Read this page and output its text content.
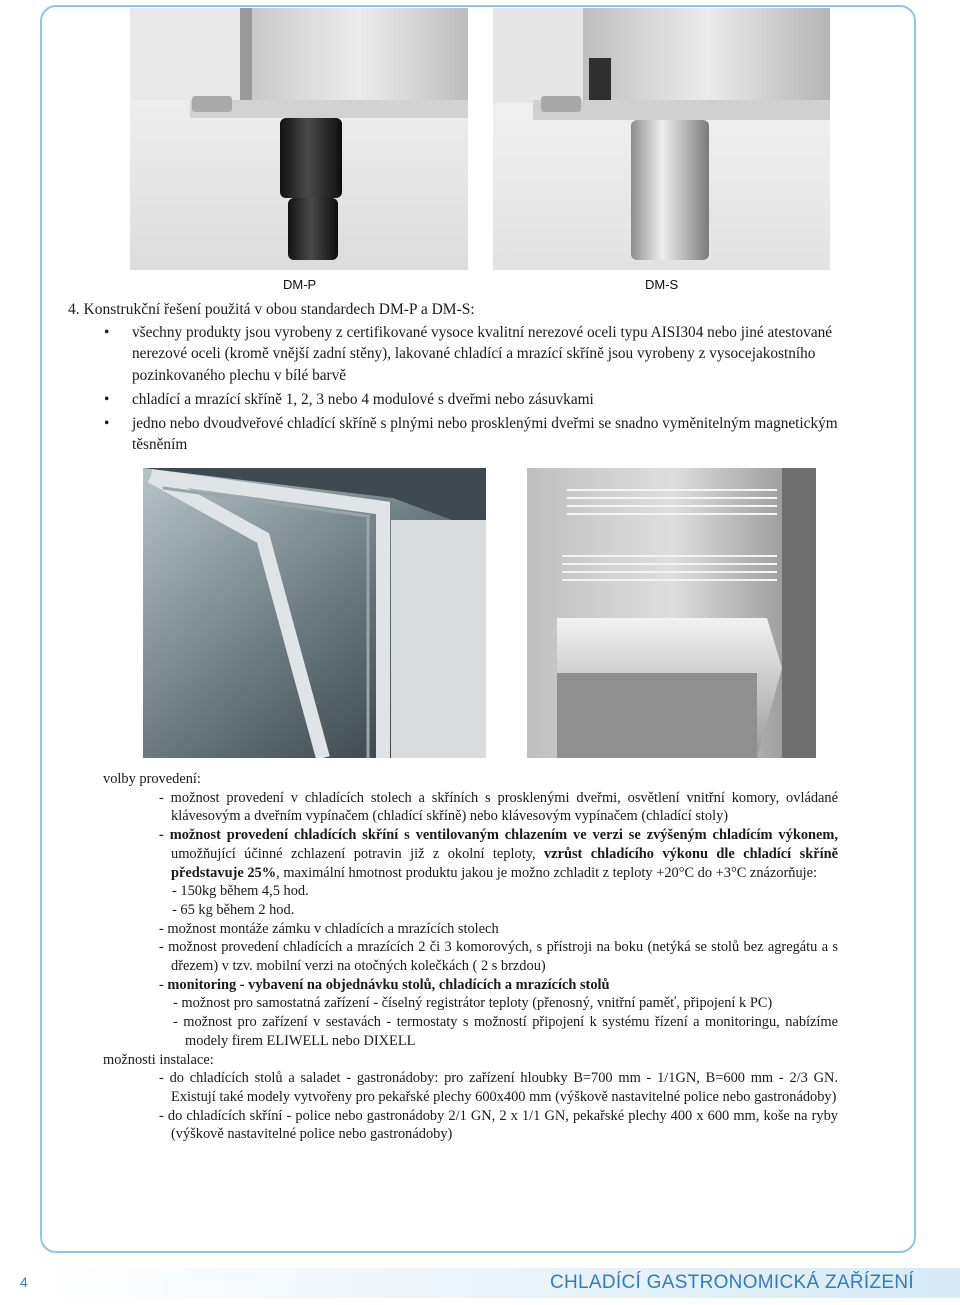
DM-P	DM-S
4. Konstrukční řešení použitá v obou standardech DM-P a DM-S:
• všechny produkty jsou vyrobeny z certifikované vysoce kvalitní nerezové oceli typu AISI304 nebo jiné atestované nerezové oceli (kromě vnější zadní stěny), lakované chladící a mrazící skříně jsou vyrobeny z vysocejakostního pozinkovaného plechu v bílé barvě
• chladící a mrazící skříně 1, 2, 3 nebo 4 modulové s dveřmi nebo zásuvkami
• jedno nebo dvoudveřové chladící skříně s plnými nebo prosklenými dveřmi se snadno vyměnitelným magnetickým těsněním

volby provedení:

- možnost provedení v chladících stolech a skříních s prosklenými dveřmi, osvětlení vnitřní komory, ovládané klávesovým a dveřním vypínačem (chladící skříně) nebo klávesovým vypínačem (chladící stoly)

- možnost provedení chladících skříní s ventilovaným chlazením ve verzi se zvýšeným chladícím výkonem, umožňující účinné zchlazení potravin již z okolní teploty, vzrůst chladícího výkonu dle chladící skříně představuje 25%, maximální hmotnost produktu jakou je možno zchladit z teploty +20°C do +3°C znázorňuje:

- 150kg během 4,5 hod.

- 65 kg během 2 hod.

- možnost montáže zámku v chladících a mrazících stolech

- možnost provedení chladících a mrazících 2 či 3 komorových, s přístroji na boku (netýká se stolů bez agregátu a s dřezem) v tzv. mobilní verzi na otočných kolečkách ( 2 s brzdou)

- monitoring - vybavení na objednávku stolů, chladících a mrazících stolů

- možnost pro samostatná zařízení - číselný registrátor teploty (přenosný, vnitřní paměť, připojení k PC)

- možnost pro zařízení v sestavách - termostaty s možností připojení k systému řízení a monitoringu, nabízíme modely firem ELIWELL nebo DIXELL

možnosti instalace:

- do chladících stolů a saladet - gastronádoby: pro zařízení hloubky B=700 mm - 1/1GN, B=600 mm - 2/3 GN. Existují také modely vytvořeny pro pekařské plechy 600x400 mm (výškově nastavitelné police nebo gastronádoby)

- do chladících skříní - police nebo gastronádoby 2/1 GN, 2 x 1/1 GN, pekařské plechy 400 x 600 mm, koše na ryby (výškově nastavitelné police nebo gastronádoby)

4	CHLADÍCÍ GASTRONOMICKÁ ZAŘÍZENÍ
